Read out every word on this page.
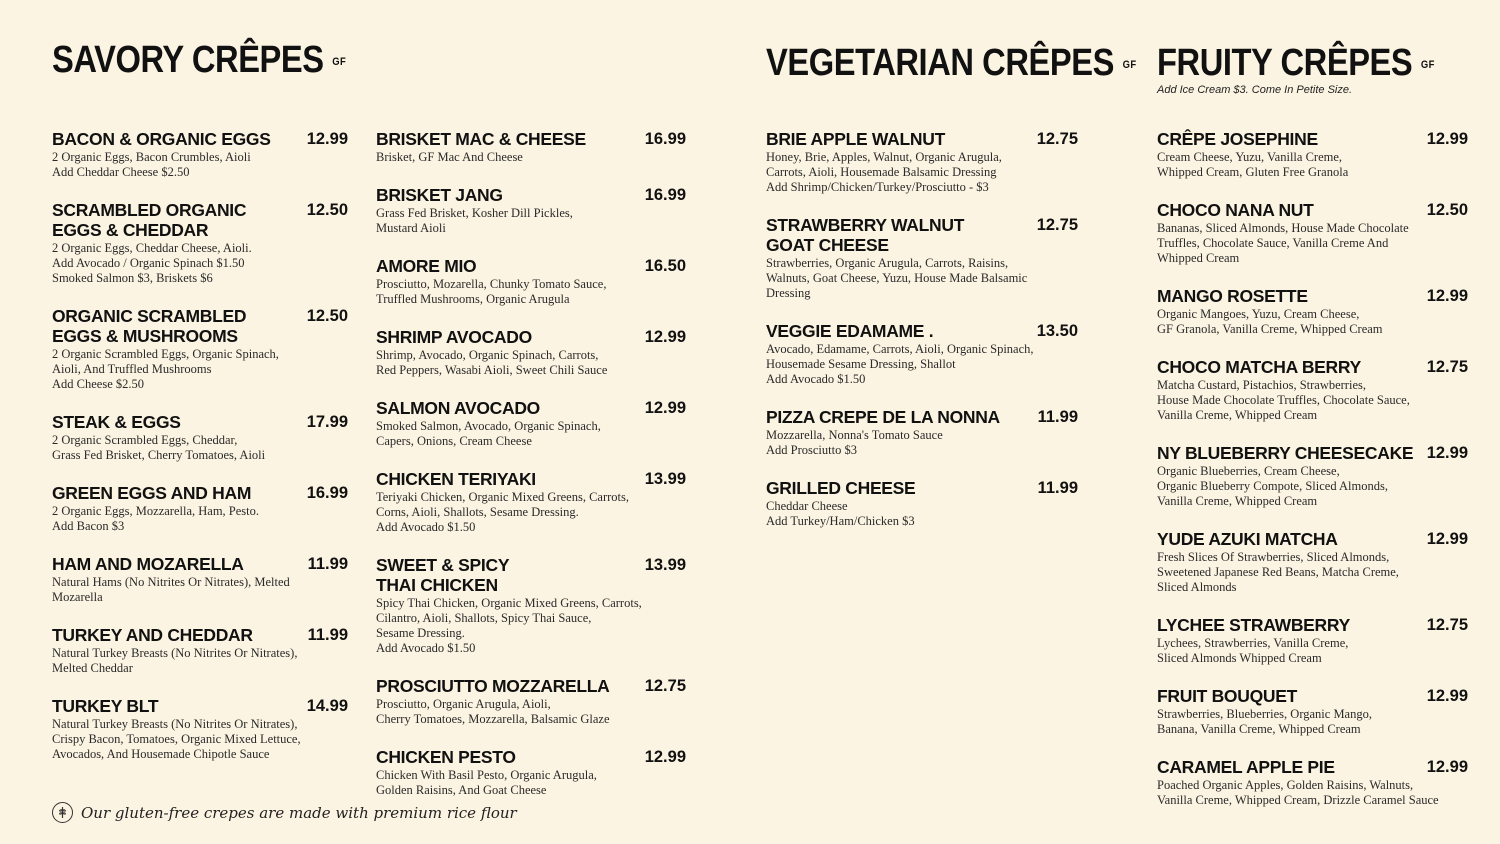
SAVORY CRÊPES $^{GF}$	VEGETARIAN CRÊPES $^{GF}$ FRUITY CRÊPES $^{GF}$
Add Ice Cream $3. Come In Petite Size.
BACON & ORGANIC EGGS 12.99
2 Organic Eggs, Bacon Crumbles, Aioli
Add Cheddar Cheese $2.50
SCRAMBLED ORGANIC
EGGS & CHEDDAR
12.50
2 Organic Eggs, Cheddar Cheese, Aioli.
Add Avocado / Organic Spinach $1.50
Smoked Salmon $3, Briskets $6
ORGANIC SCRAMBLED
EGGS & MUSHROOMS
12.50
2 Organic Scrambled Eggs, Organic Spinach,
Aioli, And Truffled Mushrooms
Add Cheese $2.50
STEAK & EGGS	17.99
2 Organic Scrambled Eggs, Cheddar,
Grass Fed Brisket, Cherry Tomatoes, Aioli
GREEN EGGS AND HAM	16.99
2 Organic Eggs, Mozzarella, Ham, Pesto.
Add Bacon $3
HAM AND MOZARELLA	11.99
Natural Hams (No Nitrites Or Nitrates), Melted
Mozarella
TURKEY AND CHEDDAR	11.99
Natural Turkey Breasts (No Nitrites Or Nitrates),
Melted Cheddar
TURKEY BLT	14.99
Natural Turkey Breasts (No Nitrites Or Nitrates),
Crispy Bacon, Tomatoes, Organic Mixed Lettuce,
Avocados, And Housemade Chipotle Sauce
BRISKET MAC & CHEESE	16.99
Brisket, GF Mac And Cheese
BRISKET JANG	16.99
Grass Fed Brisket, Kosher Dill Pickles,
Mustard Aioli
AMORE MIO	16.50
Prosciutto, Mozarella, Chunky Tomato Sauce,
Truffled Mushrooms, Organic Arugula
SHRIMP AVOCADO	12.99
Shrimp, Avocado, Organic Spinach, Carrots,
Red Peppers, Wasabi Aioli, Sweet Chili Sauce
SALMON AVOCADO	12.99
Smoked Salmon, Avocado, Organic Spinach,
Capers, Onions, Cream Cheese
CHICKEN TERIYAKI	13.99
Teriyaki Chicken, Organic Mixed Greens, Carrots,
Corns, Aioli, Shallots, Sesame Dressing.
Add Avocado $1.50
SWEET & SPICY
THAI CHICKEN
13.99
Spicy Thai Chicken, Organic Mixed Greens, Carrots,
Cilantro, Aioli, Shallots, Spicy Thai Sauce,
Sesame Dressing.
Add Avocado $1.50
PROSCIUTTO MOZZARELLA 12.75
Prosciutto, Organic Arugula, Aioli,
Cherry Tomatoes, Mozzarella, Balsamic Glaze
CHICKEN PESTO	12.99
Chicken With Basil Pesto, Organic Arugula,
Golden Raisins, And Goat Cheese
BRIE APPLE WALNUT	12.75
Honey, Brie, Apples, Walnut, Organic Arugula,
Carrots, Aioli, Housemade Balsamic Dressing
Add Shrimp/Chicken/Turkey/Prosciutto - $3
STRAWBERRY WALNUT
GOAT CHEESE
12.75
Strawberries, Organic Arugula, Carrots, Raisins,
Walnuts, Goat Cheese, Yuzu, House Made Balsamic
Dressing
VEGGIE EDAMAME .	13.50
Avocado, Edamame, Carrots, Aioli, Organic Spinach,
Housemade Sesame Dressing, Shallot
Add Avocado $1.50
PIZZA CREPE DE LA NONNA 11.99
Mozzarella, Nonna's Tomato Sauce
Add Prosciutto $3
GRILLED CHEESE	11.99
Cheddar Cheese
Add Turkey/Ham/Chicken $3
CRÊPE JOSEPHINE	12.99
Cream Cheese, Yuzu, Vanilla Creme,
Whipped Cream, Gluten Free Granola
CHOCO NANA NUT	12.50
Bananas, Sliced Almonds, House Made Chocolate
Truffles, Chocolate Sauce, Vanilla Creme And
Whipped Cream
MANGO ROSETTE	12.99
Organic Mangoes, Yuzu, Cream Cheese,
GF Granola, Vanilla Creme, Whipped Cream
CHOCO MATCHA BERRY	12.75
Matcha Custard, Pistachios, Strawberries,
House Made Chocolate Truffles, Chocolate Sauce,
Vanilla Creme, Whipped Cream
NY BLUEBERRY CHEESECAKE 12.99
Organic Blueberries, Cream Cheese,
Organic Blueberry Compote, Sliced Almonds,
Vanilla Creme, Whipped Cream
YUDE AZUKI MATCHA	12.99
Fresh Slices Of Strawberries, Sliced Almonds,
Sweetened Japanese Red Beans, Matcha Creme,
Sliced Almonds
LYCHEE STRAWBERRY	12.75
Lychees, Strawberries, Vanilla Creme,
Sliced Almonds Whipped Cream
FRUIT BOUQUET	12.99
Strawberries, Blueberries, Organic Mango,
Banana, Vanilla Creme, Whipped Cream
CARAMEL APPLE PIE	12.99
Poached Organic Apples, Golden Raisins, Walnuts,
Vanilla Creme, Whipped Cream, Drizzle Caramel Sauce
Our gluten-free crepes are made with premium rice flour
